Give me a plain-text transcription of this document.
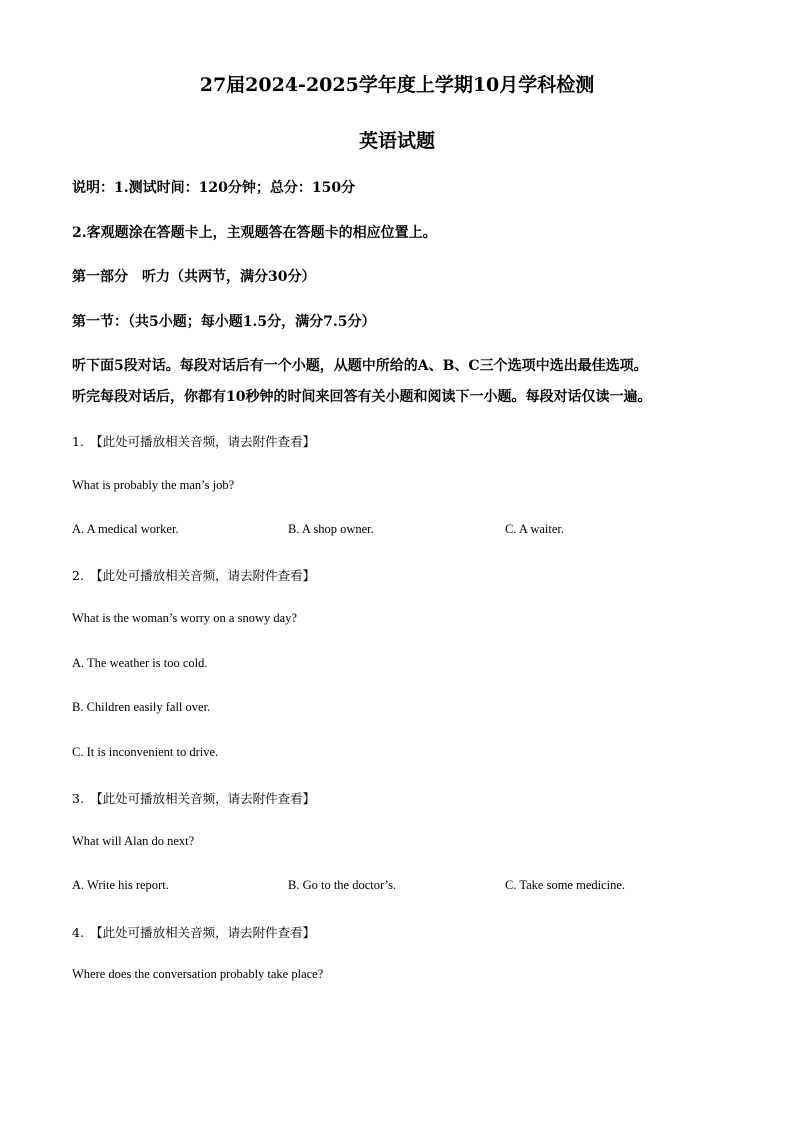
27届2024-2025学年度上学期10月学科检测
英语试题
说明：1.测试时间：120分钟；总分：150分
2.客观题涂在答题卡上，主观题答在答题卡的相应位置上。
第一部分　听力（共两节，满分30分）
第一节：（共5小题；每小题1.5分，满分7.5分）
听下面5段对话。每段对话后有一个小题，从题中所给的A、B、C三个选项中选出最佳选项。
听完每段对话后，你都有10秒钟的时间来回答有关小题和阅读下一小题。每段对话仅读一遍。
1.　【此处可播放相关音频，请去附件查看】
What is probably the man’s job?
A. A medical worker.	B. A shop owner.	C. A waiter.
2.　【此处可播放相关音频，请去附件查看】
What is the woman’s worry on a snowy day?
A. The weather is too cold.
B. Children easily fall over.
C. It is inconvenient to drive.
3.　【此处可播放相关音频，请去附件查看】
What will Alan do next?
A. Write his report.	B. Go to the doctor’s.	C. Take some medicine.
4.　【此处可播放相关音频，请去附件查看】
Where does the conversation probably take place?
